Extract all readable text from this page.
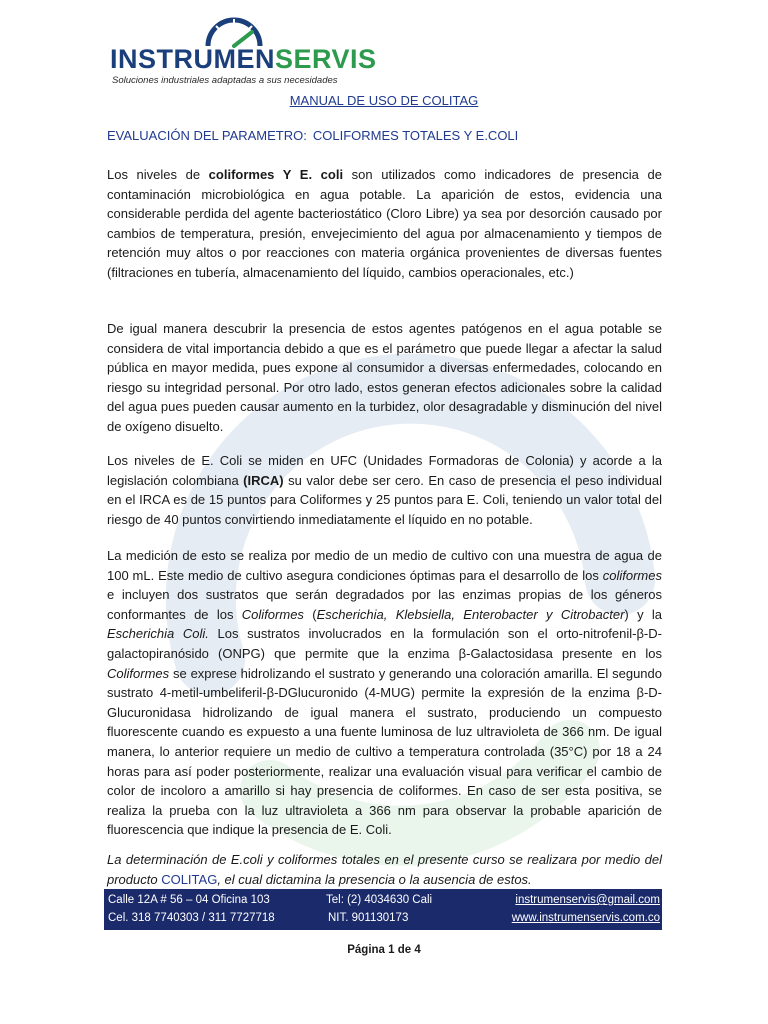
INSTRUMENSERVIS
Soluciones industriales adaptadas a sus necesidades
MANUAL DE USO DE COLITAG
EVALUACIÓN DEL PARAMETRO: COLIFORMES TOTALES Y E.COLI

Los niveles de coliformes Y E. coli son utilizados como indicadores de presencia de contaminación microbiológica en agua potable. La aparición de estos, evidencia una considerable perdida del agente bacteriostático (Cloro Libre) ya sea por desorción causado por cambios de temperatura, presión, envejecimiento del agua por almacenamiento y tiempos de retención muy altos o por reacciones con materia orgánica provenientes de diversas fuentes (filtraciones en tubería, almacenamiento del líquido, cambios operacionales, etc.)

De igual manera descubrir la presencia de estos agentes patógenos en el agua potable se considera de vital importancia debido a que es el parámetro que puede llegar a afectar la salud pública en mayor medida, pues expone al consumidor a diversas enfermedades, colocando en riesgo su integridad personal. Por otro lado, estos generan efectos adicionales sobre la calidad del agua pues pueden causar aumento en la turbidez, olor desagradable y disminución del nivel de oxígeno disuelto.

Los niveles de E. Coli se miden en UFC (Unidades Formadoras de Colonia) y acorde a la legislación colombiana (IRCA) su valor debe ser cero. En caso de presencia el peso individual en el IRCA es de 15 puntos para Coliformes y 25 puntos para E. Coli, teniendo un valor total del riesgo de 40 puntos convirtiendo inmediatamente el líquido en no potable.

La medición de esto se realiza por medio de un medio de cultivo con una muestra de agua de 100 mL. Este medio de cultivo asegura condiciones óptimas para el desarrollo de los coliformes e incluyen dos sustratos que serán degradados por las enzimas propias de los géneros conformantes de los Coliformes (Escherichia, Klebsiella, Enterobacter y Citrobacter) y la Escherichia Coli. Los sustratos involucrados en la formulación son el orto-nitrofenil-β-D-galactopiranósido (ONPG) que permite que la enzima β-Galactosidasa presente en los Coliformes se exprese hidrolizando el sustrato y generando una coloración amarilla. El segundo sustrato 4-metil-umbeliferil-β-DGlucuronido (4-MUG) permite la expresión de la enzima β-D-Glucuronidasa hidrolizando de igual manera el sustrato, produciendo un compuesto fluorescente cuando es expuesto a una fuente luminosa de luz ultravioleta de 366 nm. De igual manera, lo anterior requiere un medio de cultivo a temperatura controlada (35°C) por 18 a 24 horas para así poder posteriormente, realizar una evaluación visual para verificar el cambio de color de incoloro a amarillo si hay presencia de coliformes. En caso de ser esta positiva, se realiza la prueba con la luz ultravioleta a 366 nm para observar la probable aparición de fluorescencia que indique la presencia de E. Coli.

La determinación de E.coli y coliformes totales en el presente curso se realizara por medio del producto COLITAG, el cual dictamina la presencia o la ausencia de estos.

Calle 12A # 56 – 04 Oficina 103	Tel: (2) 4034630 Cali	instrumenservis@gmail.com
Cel. 318 7740303 / 311 7727718	NIT. 901130173	www.instrumenservis.com.co
Página 1 de 4
